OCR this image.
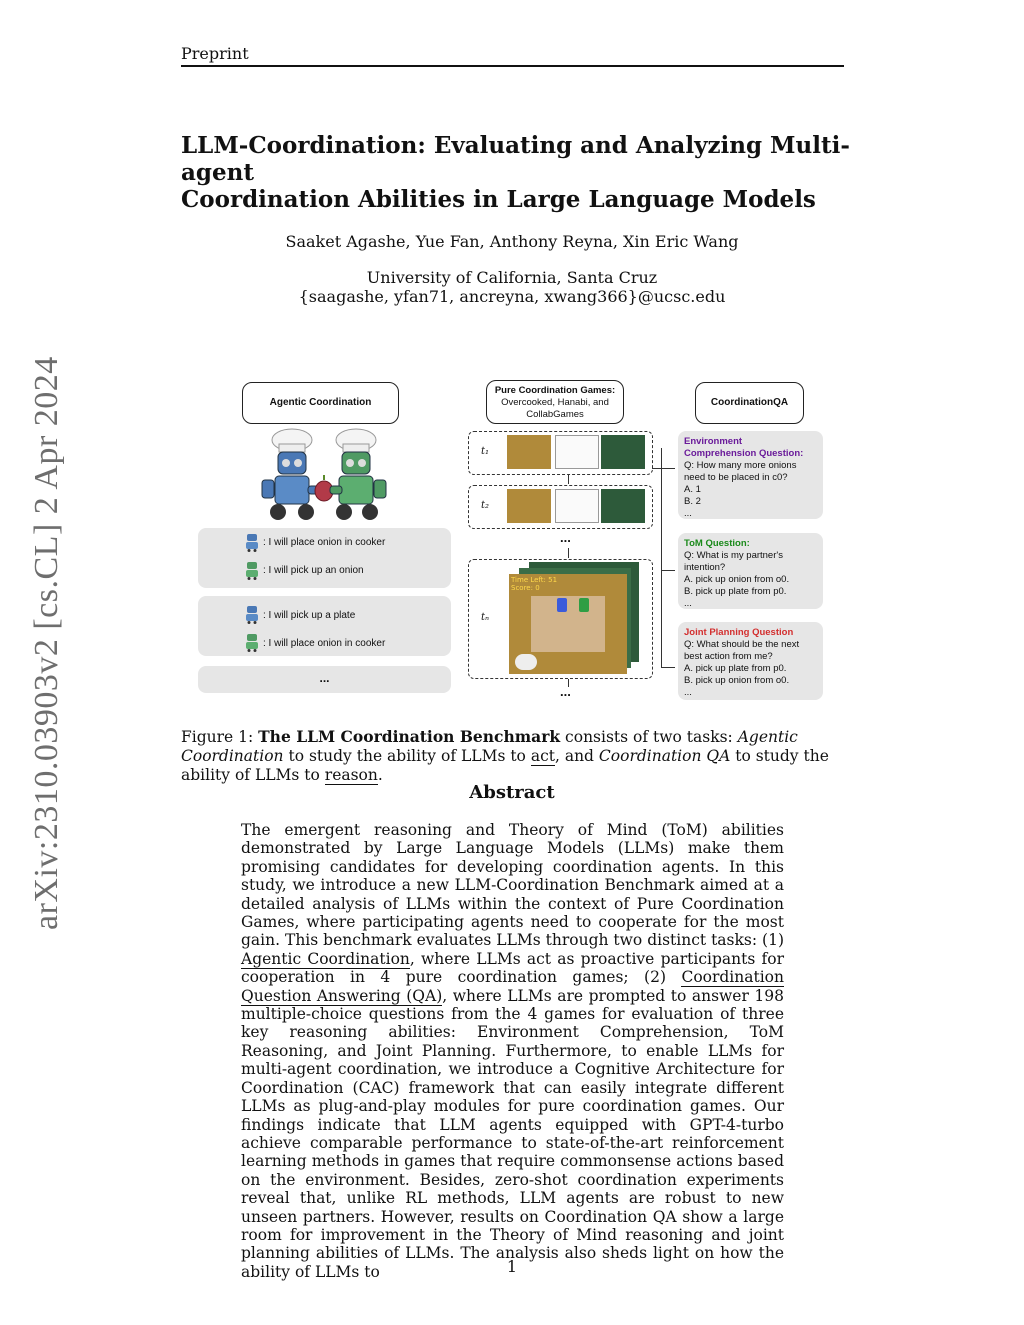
Preprint
LLM-Coordination: Evaluating and Analyzing Multi-agent
Coordination Abilities in Large Language Models
Saaket Agashe, Yue Fan, Anthony Reyna, Xin Eric Wang
University of California, Santa Cruz
{saagashe, yfan71, ancreyna, xwang366}@ucsc.edu
arXiv:2310.03903v2 [cs.CL] 2 Apr 2024	Agentic Coordination
: I will place onion in cooker
: I will pick up an onion
: I will pick up a plate
: I will place onion in cooker
...
Pure Coordination Games:
Overcooked, Hanabi, and
CollabGames
t₁
t₂
...
tₙ
Time Left: 51
Score: 0
...
CoordinationQA
Environment
Comprehension Question:
Q: How many more onions
need to be placed in c0?
A. 1
B. 2
...
ToM Question:
Q: What is my partner's
intention?
A. pick up onion from o0.
B. pick up plate from p0.
...
Joint Planning Question
Q: What should be the next
best action from me?
A. pick up plate from p0.
B. pick up onion from o0.
...
Figure 1: The LLM Coordination Benchmark consists of two tasks: Agentic Coordination to study the ability of LLMs to act, and Coordination QA to study the ability of LLMs to reason.
Abstract
The emergent reasoning and Theory of Mind (ToM) abilities demonstrated by Large Language Models (LLMs) make them promising candidates for developing coordination agents. In this study, we introduce a new LLM-Coordination Benchmark aimed at a detailed analysis of LLMs within the context of Pure Coordination Games, where participating agents need to cooperate for the most gain. This benchmark evaluates LLMs through two distinct tasks: (1) Agentic Coordination, where LLMs act as proactive participants for cooperation in 4 pure coordination games; (2) Coordination Question Answering (QA), where LLMs are prompted to answer 198 multiple-choice questions from the 4 games for evaluation of three key reasoning abilities: Environment Comprehension, ToM Reasoning, and Joint Planning. Furthermore, to enable LLMs for multi-agent coordination, we introduce a Cognitive Architecture for Coordination (CAC) framework that can easily integrate different LLMs as plug-and-play modules for pure coordination games. Our findings indicate that LLM agents equipped with GPT-4-turbo achieve comparable performance to state-of-the-art reinforcement learning methods in games that require commonsense actions based on the environment. Besides, zero-shot coordination experiments reveal that, unlike RL methods, LLM agents are robust to new unseen partners. However, results on Coordination QA show a large room for improvement in the Theory of Mind reasoning and joint planning abilities of LLMs. The analysis also sheds light on how the ability of LLMs to	1
